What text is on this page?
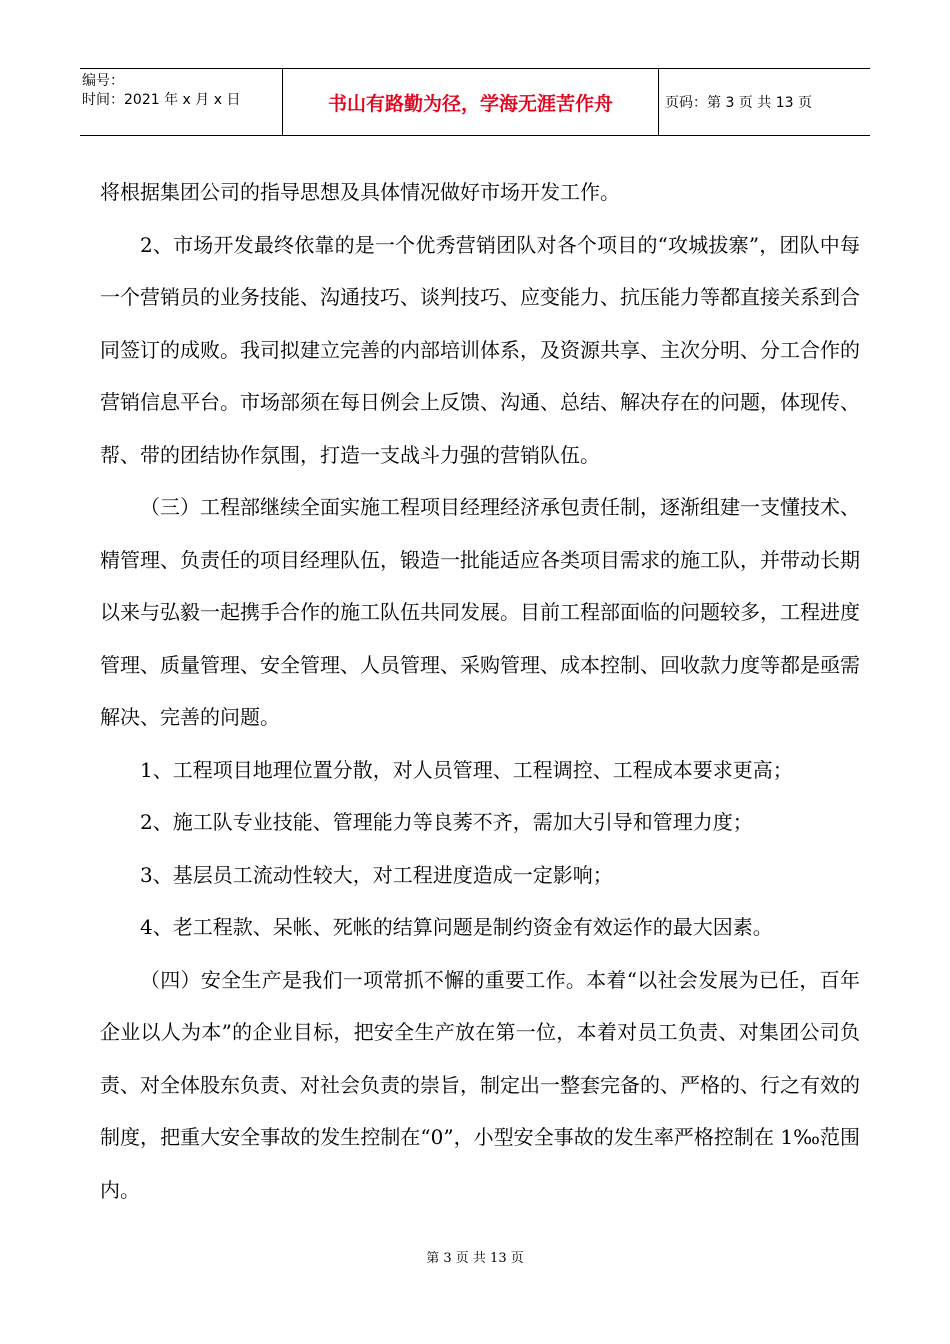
编号：
时间：2021 年 x 月 x 日	书山有路勤为径，学海无涯苦作舟	页码：第 3 页 共 13 页

将根据集团公司的指导思想及具体情况做好市场开发工作。

2、市场开发最终依靠的是一个优秀营销团队对各个项目的“攻城拔寨”，团队中每一个营销员的业务技能、沟通技巧、谈判技巧、应变能力、抗压能力等都直接关系到合同签订的成败。我司拟建立完善的内部培训体系，及资源共享、主次分明、分工合作的营销信息平台。市场部须在每日例会上反馈、沟通、总结、解决存在的问题，体现传、帮、带的团结协作氛围，打造一支战斗力强的营销队伍。

（三）工程部继续全面实施工程项目经理经济承包责任制，逐渐组建一支懂技术、精管理、负责任的项目经理队伍，锻造一批能适应各类项目需求的施工队，并带动长期以来与弘毅一起携手合作的施工队伍共同发展。目前工程部面临的问题较多，工程进度管理、质量管理、安全管理、人员管理、采购管理、成本控制、回收款力度等都是亟需解决、完善的问题。

1、工程项目地理位置分散，对人员管理、工程调控、工程成本要求更高；

2、施工队专业技能、管理能力等良莠不齐，需加大引导和管理力度；

3、基层员工流动性较大，对工程进度造成一定影响；

4、老工程款、呆帐、死帐的结算问题是制约资金有效运作的最大因素。

（四）安全生产是我们一项常抓不懈的重要工作。本着“以社会发展为已任，百年企业以人为本”的企业目标，把安全生产放在第一位，本着对员工负责、对集团公司负责、对全体股东负责、对社会负责的崇旨，制定出一整套完备的、严格的、行之有效的制度，把重大安全事故的发生控制在“0”，小型安全事故的发生率严格控制在 1‰范围内。

第 3 页 共 13 页
